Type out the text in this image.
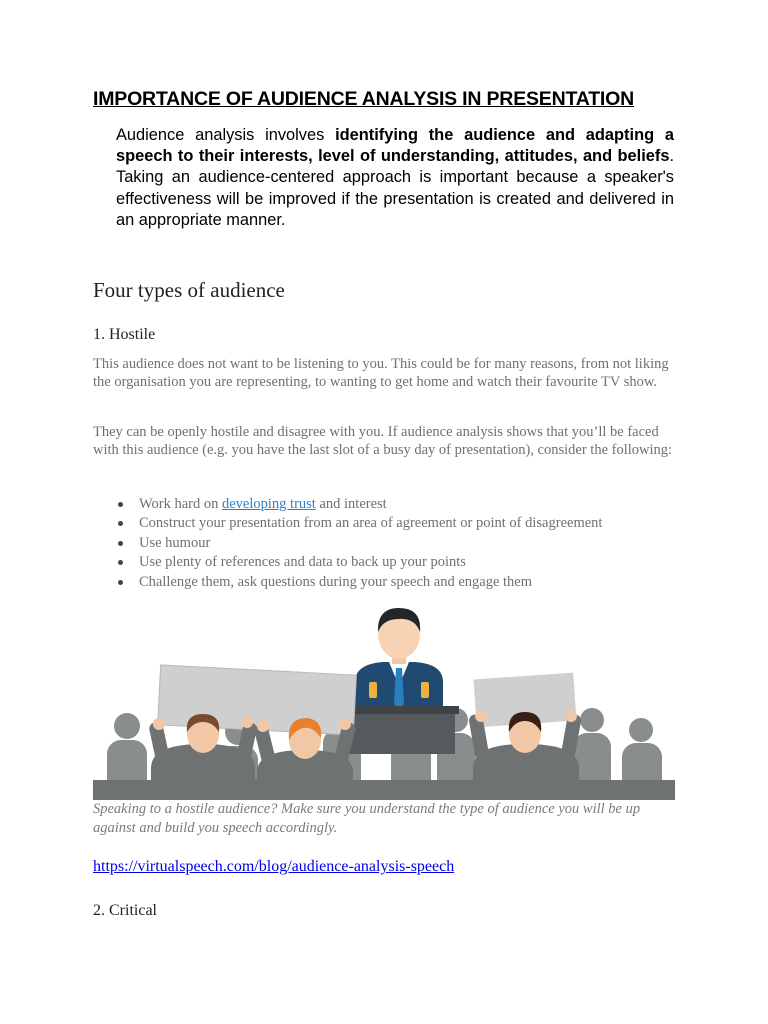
IMPORTANCE OF AUDIENCE ANALYSIS IN PRESENTATION

Audience analysis involves identifying the audience and adapting a speech to their interests, level of understanding, attitudes, and beliefs. Taking an audience-centered approach is important because a speaker's effectiveness will be improved if the presentation is created and delivered in an appropriate manner.

Four types of audience
1. Hostile

This audience does not want to be listening to you. This could be for many reasons, from not liking the organisation you are representing, to wanting to get home and watch their favourite TV show.

They can be openly hostile and disagree with you. If audience analysis shows that you’ll be faced with this audience (e.g. you have the last slot of a busy day of presentation), consider the following:

Work hard on developing trust and interest
Construct your presentation from an area of agreement or point of disagreement
Use humour
Use plenty of references and data to back up your points
Challenge them, ask questions during your speech and engage them

Speaking to a hostile audience? Make sure you understand the type of audience you will be up against and build you speech accordingly.

https://virtualspeech.com/blog/audience-analysis-speech
2. Critical
